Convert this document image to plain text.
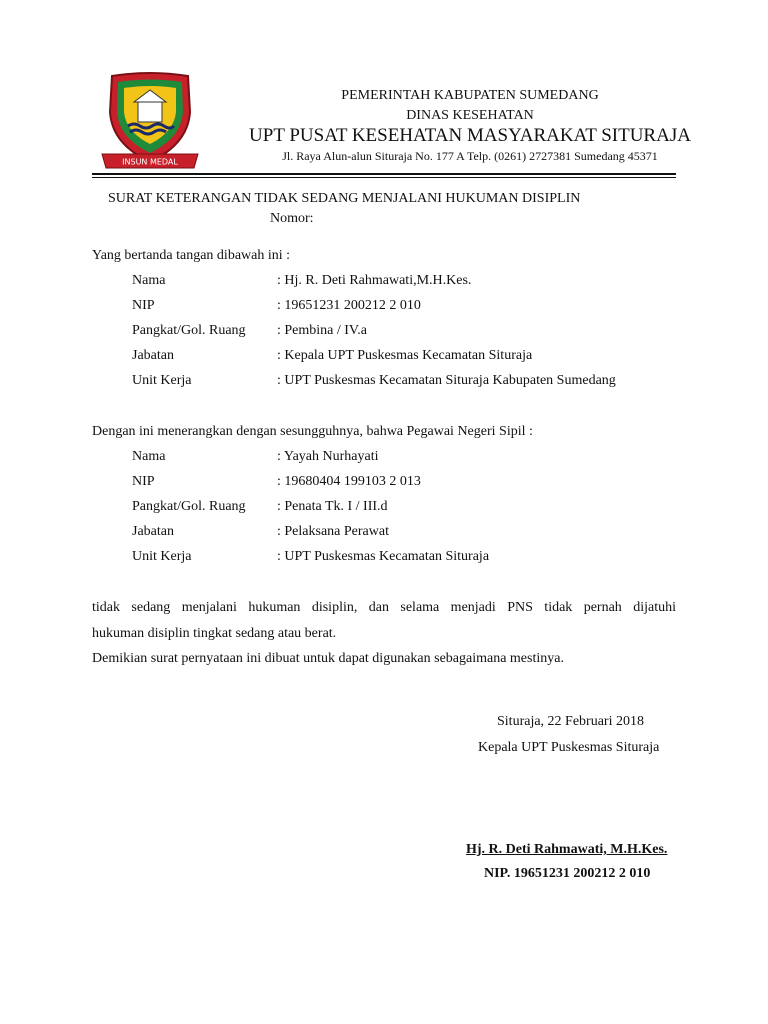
INSUN MEDAL
PEMERINTAH KABUPATEN SUMEDANG
DINAS KESEHATAN
UPT PUSAT KESEHATAN MASYARAKAT SITURAJA
Jl. Raya Alun-alun Situraja No. 177 A Telp. (0261) 2727381 Sumedang 45371
SURAT KETERANGAN TIDAK SEDANG MENJALANI HUKUMAN DISIPLIN
Nomor:
Yang bertanda tangan dibawah ini :
Nama	: Hj. R. Deti Rahmawati,M.H.Kes.
NIP	: 19651231 200212 2 010
Pangkat/Gol. Ruang : Pembina / IV.a
Jabatan	: Kepala UPT Puskesmas Kecamatan Situraja
Unit Kerja	: UPT Puskesmas Kecamatan Situraja Kabupaten Sumedang
Dengan ini menerangkan dengan sesungguhnya, bahwa Pegawai Negeri Sipil :
Nama	: Yayah Nurhayati
NIP	: 19680404 199103 2 013
Pangkat/Gol. Ruang : Penata Tk. I / III.d
Jabatan	: Pelaksana Perawat
Unit Kerja	: UPT Puskesmas Kecamatan Situraja
tidak sedang menjalani hukuman disiplin, dan selama menjadi PNS tidak pernah dijatuhi
hukuman disiplin tingkat sedang atau berat.
Demikian surat pernyataan ini dibuat untuk dapat digunakan sebagaimana mestinya.
Situraja, 22 Februari 2018
Kepala UPT Puskesmas Situraja
Hj. R. Deti Rahmawati, M.H.Kes.
NIP. 19651231 200212 2 010
